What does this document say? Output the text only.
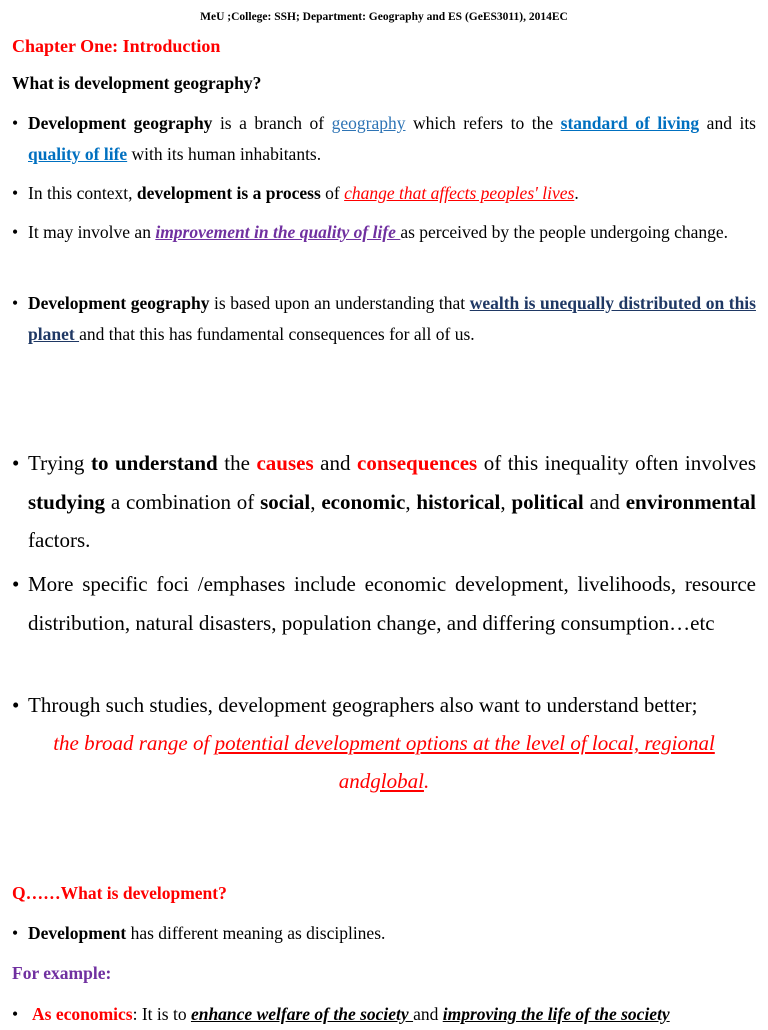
MeU ;College: SSH; Department: Geography and ES (GeES3011), 2014EC
Chapter One: Introduction
What is development geography?
• Development geography is a branch of geography which refers to the standard of living and its quality of life with its human inhabitants.
• In this context, development is a process of change that affects peoples' lives.
• It may involve an improvement in the quality of life as perceived by the people undergoing change.
• Development geography is based upon an understanding that wealth is unequally distributed on this planet and that this has fundamental consequences for all of us.
• Trying to understand the causes and consequences of this inequality often involves studying a combination of social, economic, historical, political and environmental factors.
• More specific foci /emphases include economic development, livelihoods, resource distribution, natural disasters, population change, and differing consumption…etc
• Through such studies, development geographers also want to understand better;
the broad range of potential development options at the level of local, regional
andglobal.
Q……What is development?
• Development has different meaning as disciplines.
For example:
• As economics: It is to enhance welfare of the society and improving the life of the society
